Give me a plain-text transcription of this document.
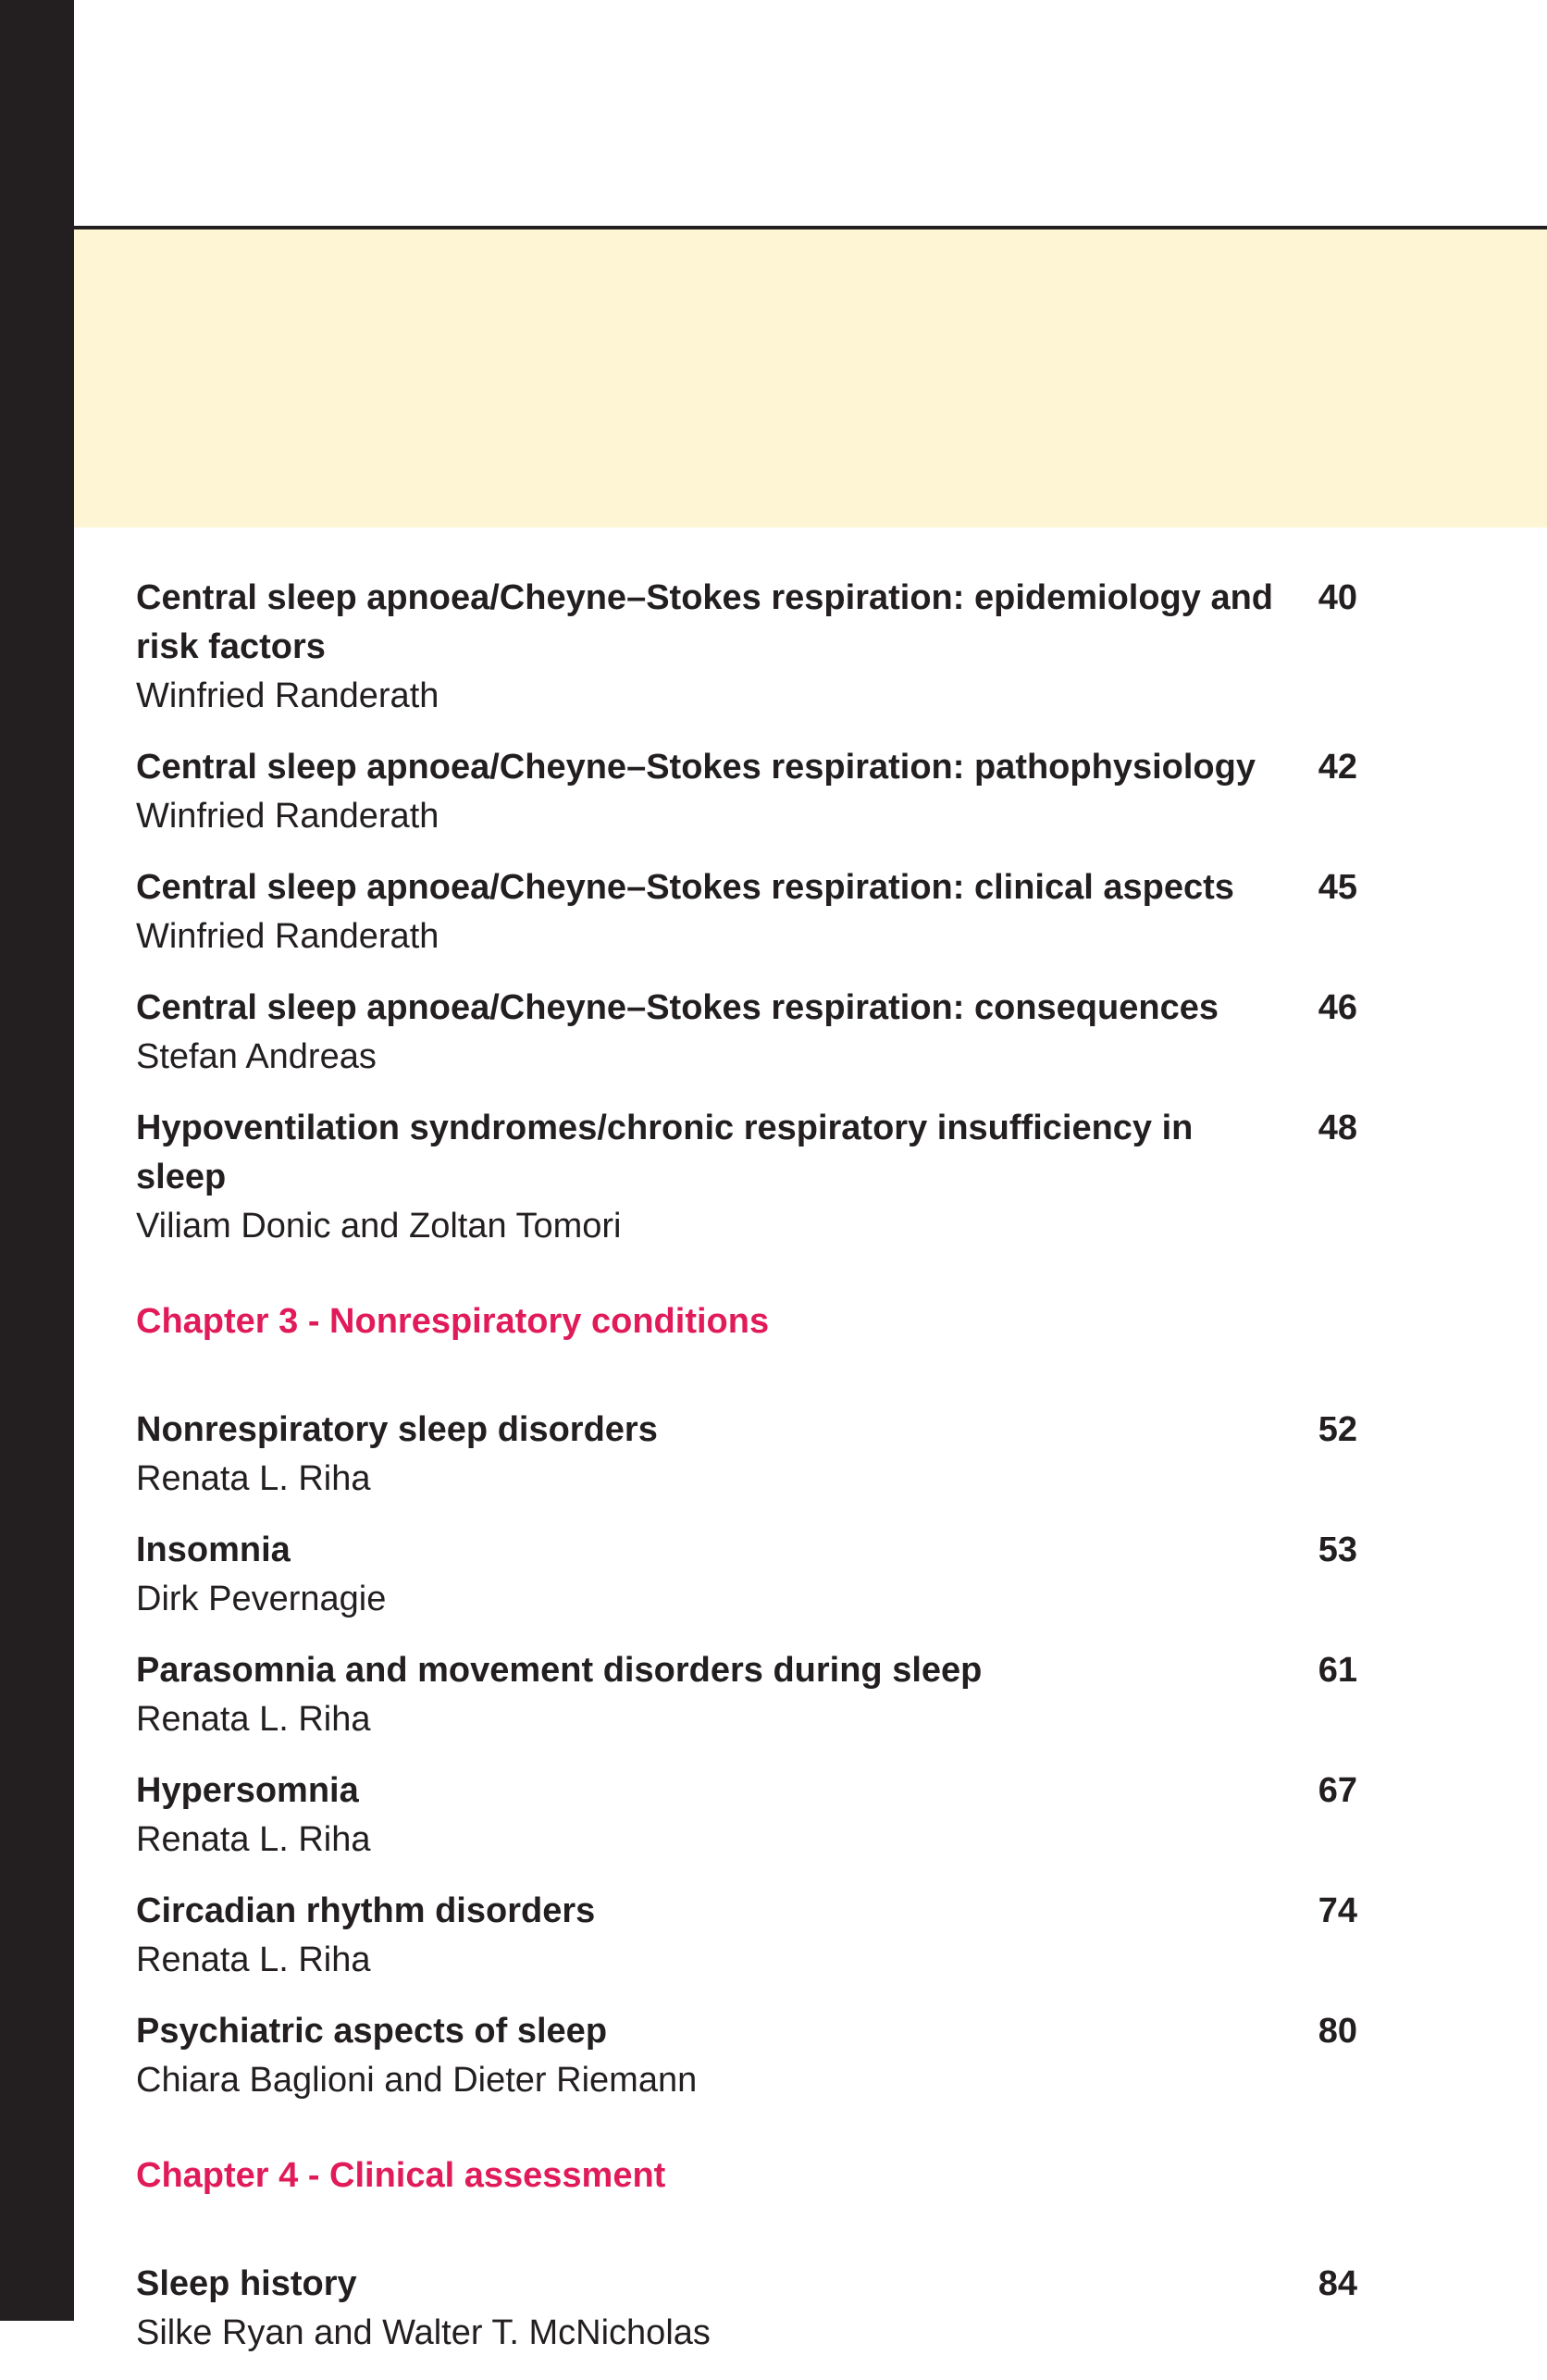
Central sleep apnoea/Cheyne–Stokes respiration: epidemiology and risk factors
Winfried Randerath
40
Central sleep apnoea/Cheyne–Stokes respiration: pathophysiology
Winfried Randerath
42
Central sleep apnoea/Cheyne–Stokes respiration: clinical aspects
Winfried Randerath
45
Central sleep apnoea/Cheyne–Stokes respiration: consequences
Stefan Andreas
46
Hypoventilation syndromes/chronic respiratory insufficiency in sleep
Viliam Donic and Zoltan Tomori
48
Chapter 3 - Nonrespiratory conditions
Nonrespiratory sleep disorders
Renata L. Riha
52
Insomnia
Dirk Pevernagie
53
Parasomnia and movement disorders during sleep
Renata L. Riha
61
Hypersomnia
Renata L. Riha
67
Circadian rhythm disorders
Renata L. Riha
74
Psychiatric aspects of sleep
Chiara Baglioni and Dieter Riemann
80
Chapter 4 - Clinical assessment
Sleep history
Silke Ryan and Walter T. McNicholas
84
